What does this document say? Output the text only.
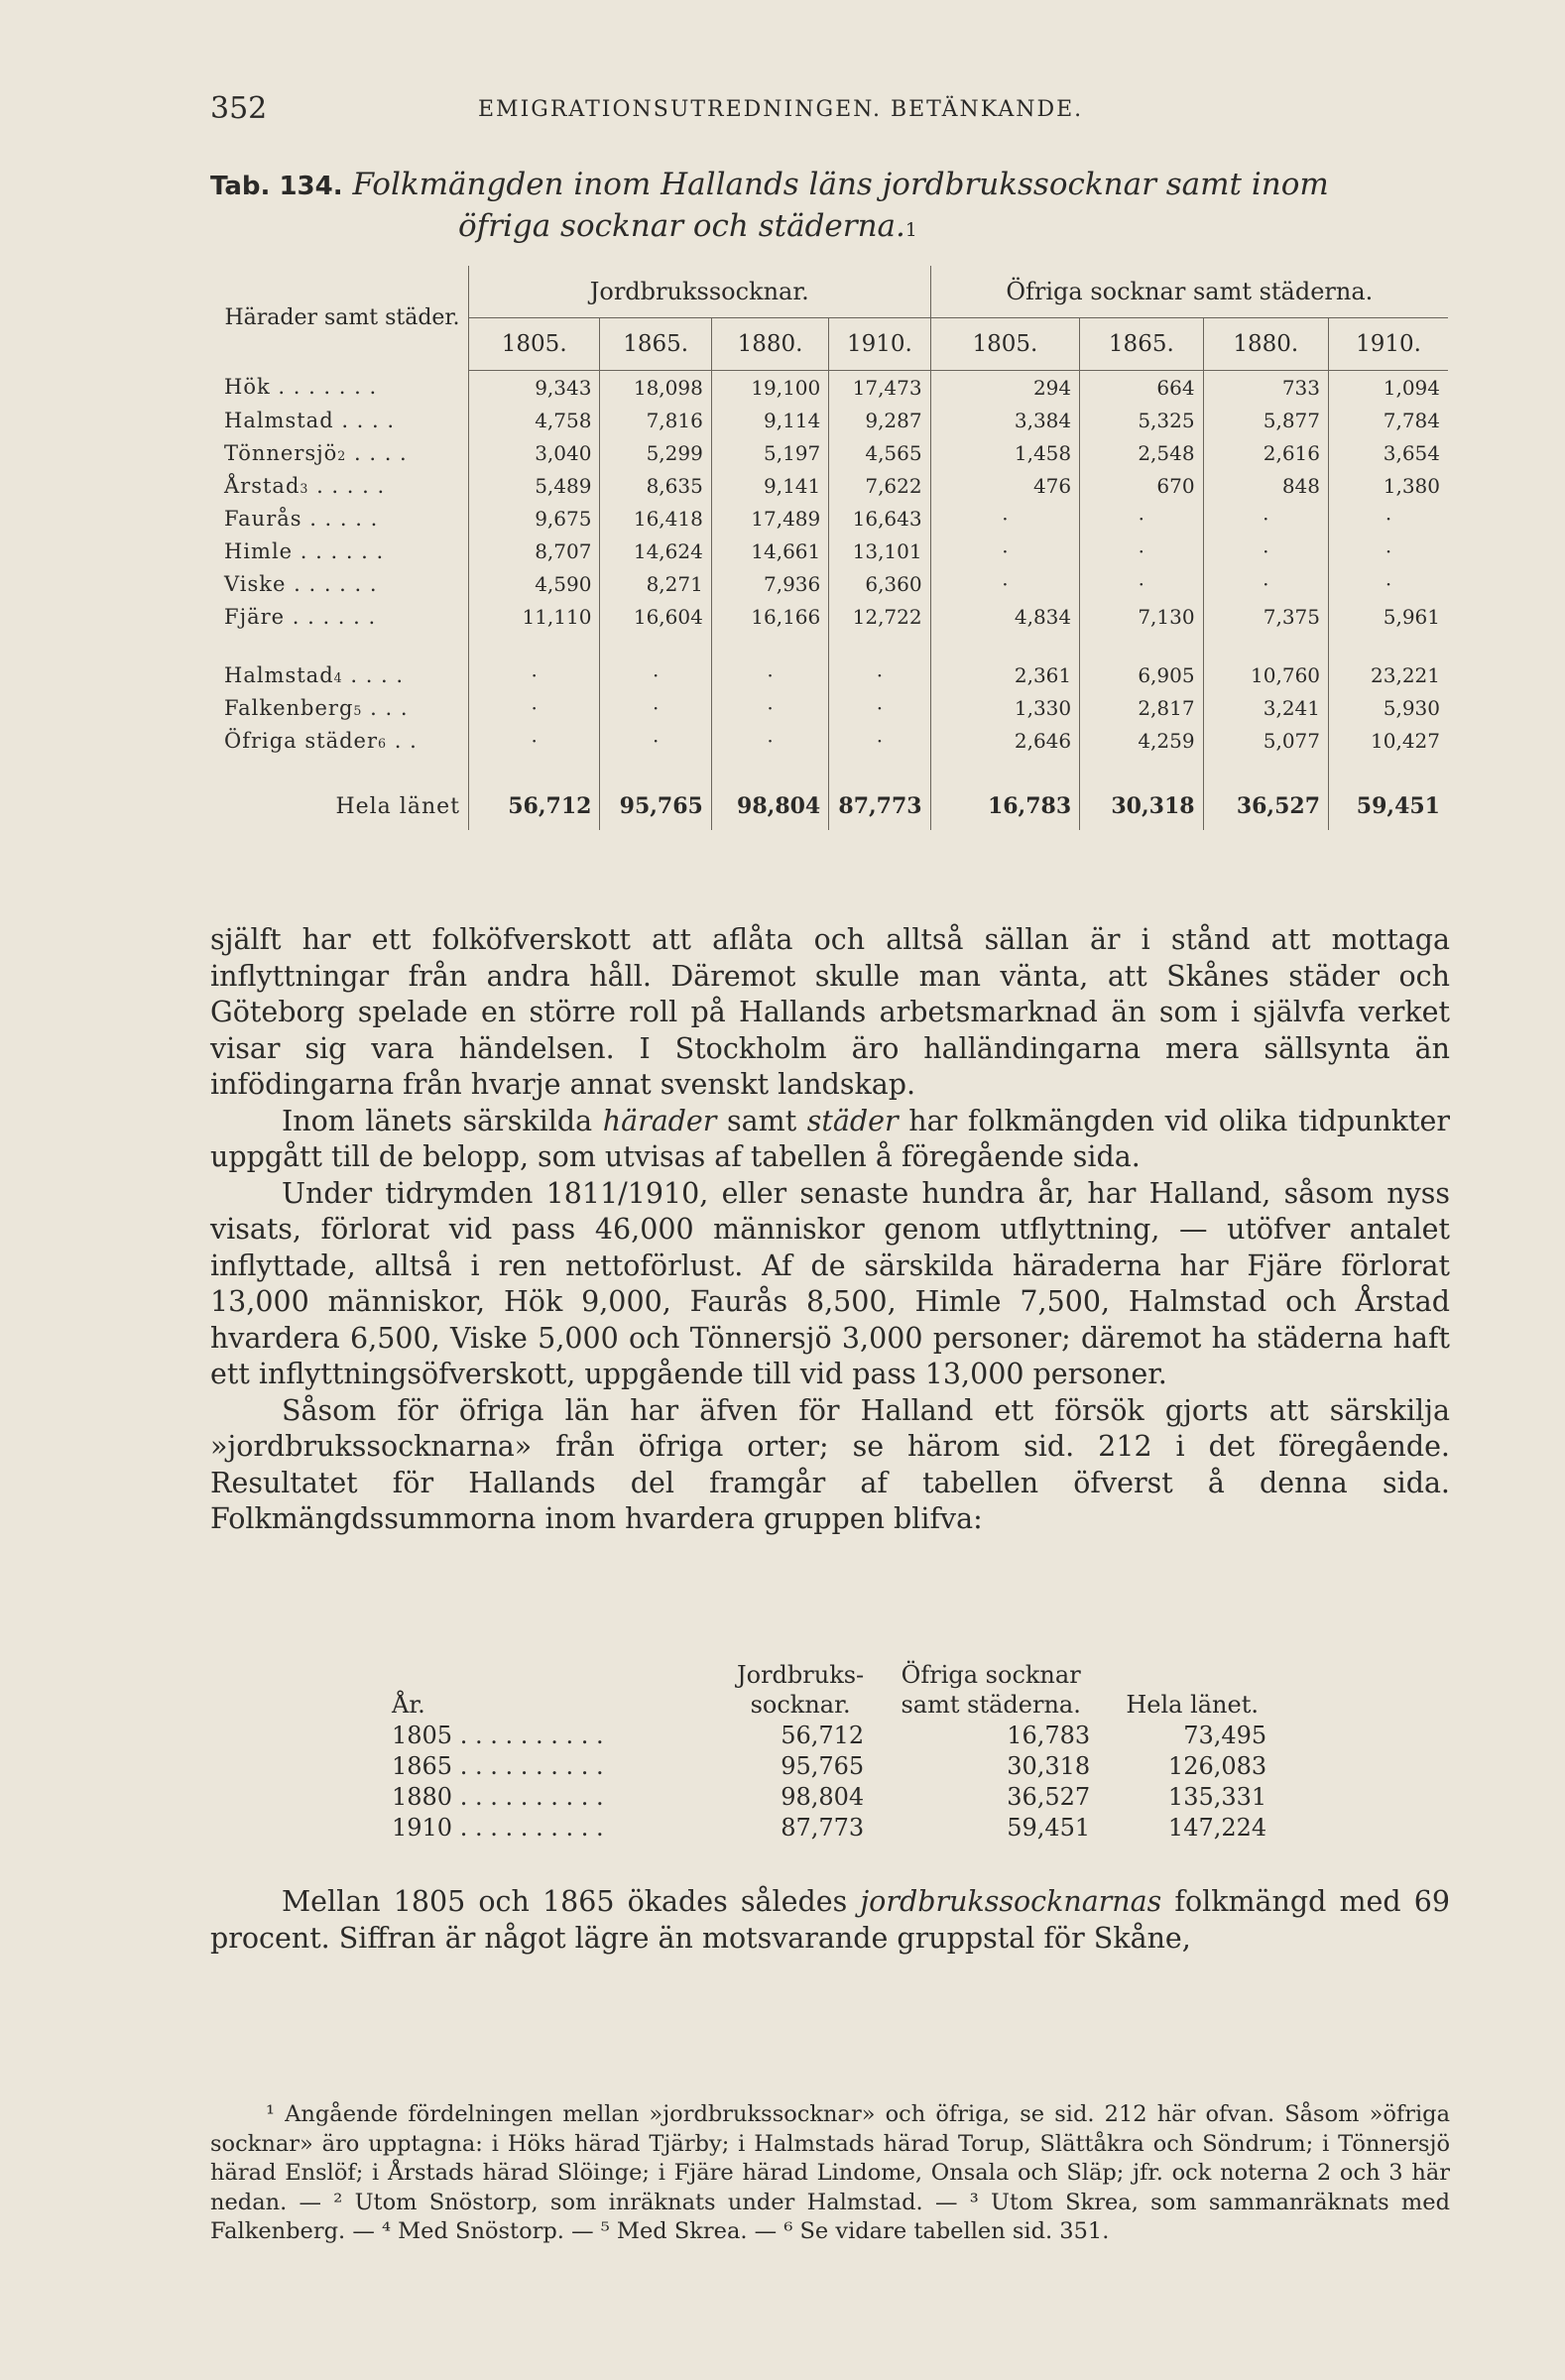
352	EMIGRATIONSUTREDNINGEN. BETÄNKANDE.
Tab. 134. Folkmängden inom Hallands läns jordbrukssocknar samt inom
öfriga socknar och städerna.$^1$
Härader samt städer.	Jordbrukssocknar.				Öfriga socknar samt städerna.			
	1805.	1865.	1880.	1910.	1805.	1865.	1880.	1910.
Hök . . . . . . .	9,343	18,098	19,100	17,473	294	664	733	1,094
Halmstad . . . .	4,758	7,816	9,114	9,287	3,384	5,325	5,877	7,784
Tönnersjö$^2$ . . . .	3,040	5,299	5,197	4,565	1,458	2,548	2,616	3,654
Årstad$^3$ . . . . .	5,489	8,635	9,141	7,622	476	670	848	1,380
Faurås . . . . .	9,675	16,418	17,489	16,643	·	·	·	·
Himle . . . . . .	8,707	14,624	14,661	13,101	·	·	·	·
Viske . . . . . .	4,590	8,271	7,936	6,360	·	·	·	·
Fjäre . . . . . .	11,110	16,604	16,166	12,722	4,834	7,130	7,375	5,961

Halmstad$^4$ . . . .	·	·	·	·	2,361	6,905	10,760	23,221
Falkenberg$^5$ . . .	·	·	·	·	1,330	2,817	3,241	5,930
Öfriga städer$^6$ . .	·	·	·	·	2,646	4,259	5,077	10,427

Hela länet	56,712	95,765	98,804	87,773	16,783	30,318	36,527	59,451

själft har ett folköfverskott att aflåta och alltså sällan är i stånd att mottaga inflyttningar från andra håll. Däremot skulle man vänta, att Skånes städer och Göteborg spelade en större roll på Hallands arbetsmarknad än som i självfa verket visar sig vara händelsen. I Stockholm äro halländingarna mera sällsynta än infödingarna från hvarje annat svenskt landskap.

Inom länets särskilda härader samt städer har folkmängden vid olika tidpunkter uppgått till de belopp, som utvisas af tabellen å föregående sida.

Under tidrymden 1811/1910, eller senaste hundra år, har Halland, såsom nyss visats, förlorat vid pass 46,000 människor genom utflyttning, — utöfver antalet inflyttade, alltså i ren nettoförlust. Af de särskilda häraderna har Fjäre förlorat 13,000 människor, Hök 9,000, Faurås 8,500, Himle 7,500, Halmstad och Årstad hvardera 6,500, Viske 5,000 och Tönnersjö 3,000 personer; däremot ha städerna haft ett inflyttningsöfverskott, uppgående till vid pass 13,000 personer.

Såsom för öfriga län har äfven för Halland ett försök gjorts att särskilja »jordbrukssocknarna» från öfriga orter; se härom sid. 212 i det föregående. Resultatet för Hallands del framgår af tabellen öfverst å denna sida. Folkmängdssummorna inom hvardera gruppen blifva:

År.	Jordbruks- socknar.	Öfriga socknar samt städerna.	Hela länet.
1805 . . . . . . . . . .	56,712	16,783	73,495
1865 . . . . . . . . . .	95,765	30,318	126,083
1880 . . . . . . . . . .	98,804	36,527	135,331
1910 . . . . . . . . . .	87,773	59,451	147,224

Mellan 1805 och 1865 ökades således jordbrukssocknarnas folkmängd med 69 procent. Siffran är något lägre än motsvarande gruppstal för Skåne,

¹ Angående fördelningen mellan »jordbrukssocknar» och öfriga, se sid. 212 här ofvan. Såsom »öfriga socknar» äro upptagna: i Höks härad Tjärby; i Halmstads härad Torup, Slättåkra och Söndrum; i Tönnersjö härad Enslöf; i Årstads härad Slöinge; i Fjäre härad Lindome, Onsala och Släp; jfr. ock noterna 2 och 3 här nedan. — ² Utom Snöstorp, som inräknats under Halmstad. — ³ Utom Skrea, som sammanräknats med Falkenberg. — ⁴ Med Snöstorp. — ⁵ Med Skrea. — ⁶ Se vidare tabellen sid. 351.
